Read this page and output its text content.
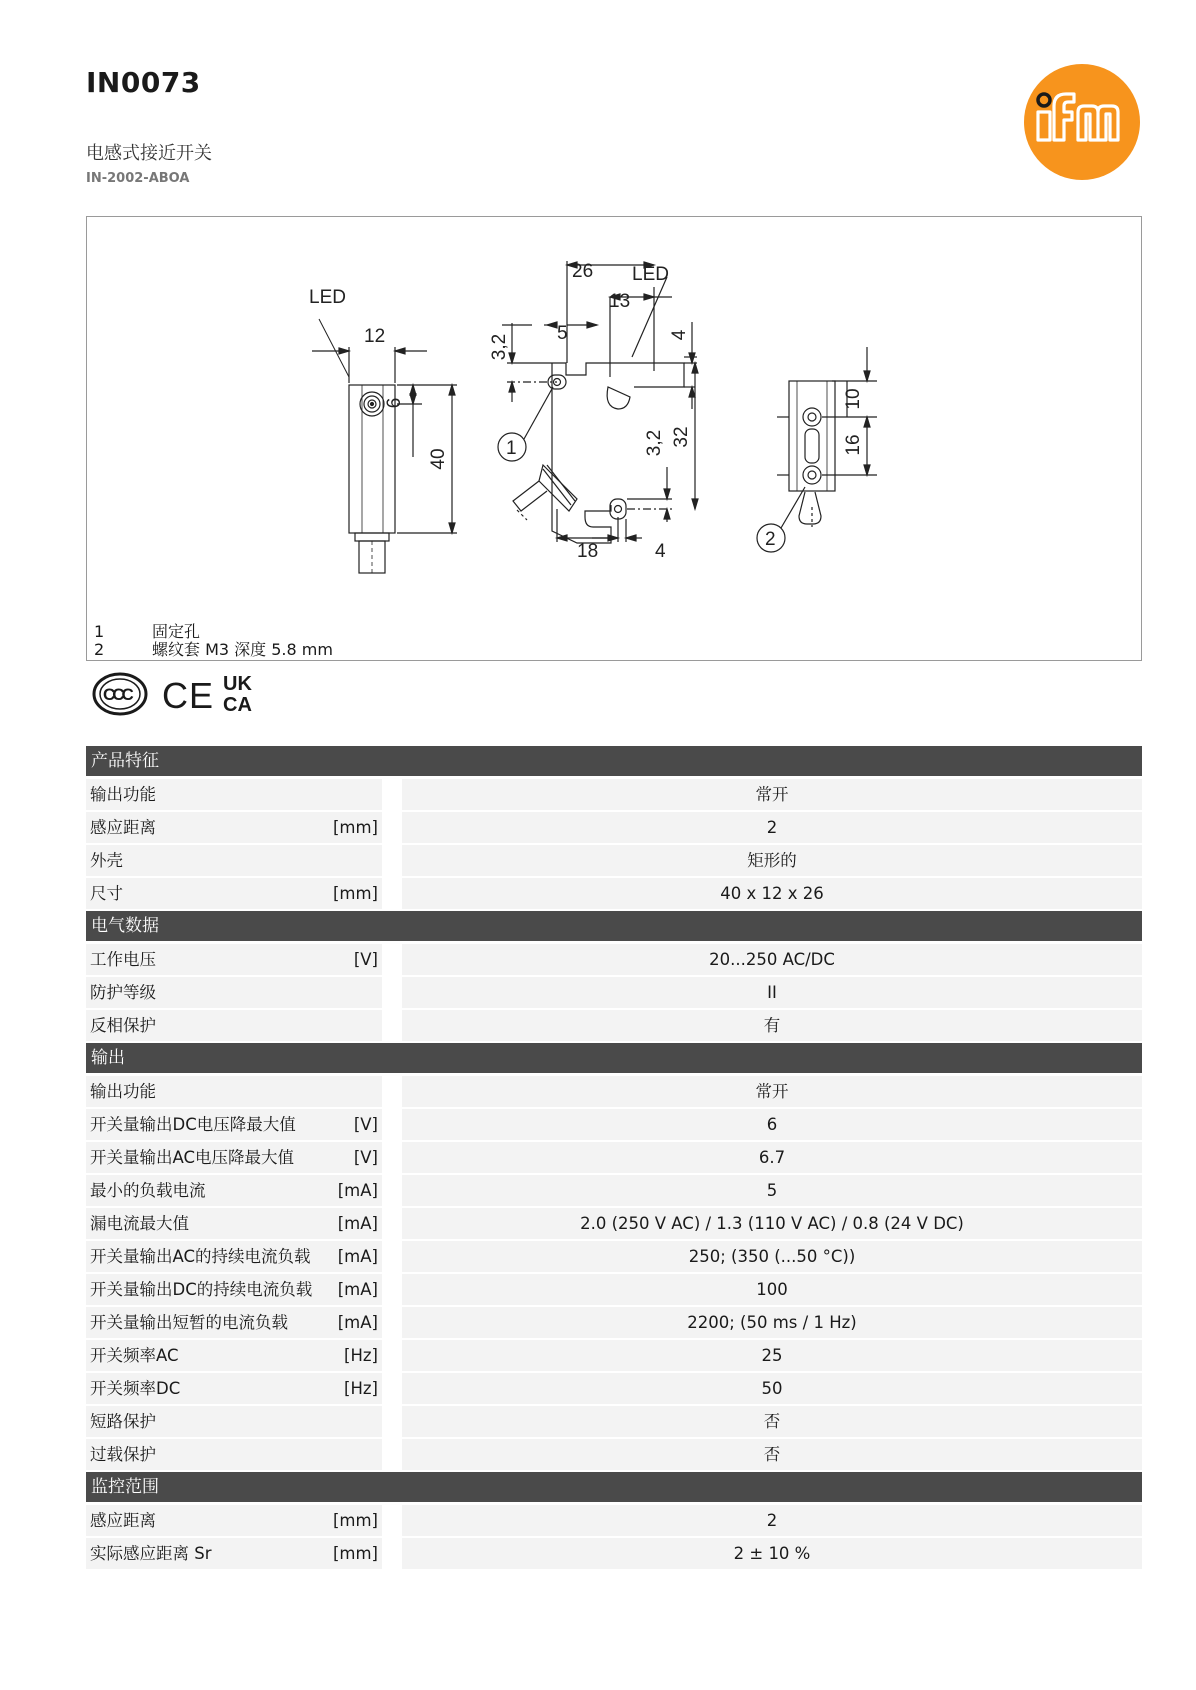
IN0073
电感式接近开关
IN-2002-ABOA
LED
12
6
40
26 LED
13
5
3,2	4
3,2 32
18	4
1
10
16
2
1	固定孔
2	螺纹套 M3 深度 5.8 mm
CCC CE UK
CA
产品特征
输出功能	常开
感应距离	[mm]	2
外壳	矩形的
尺寸	[mm]	40 x 12 x 26
电气数据
工作电压	[V]	20...250 AC/DC
防护等级	II
反相保护	有
输出
输出功能	常开
开关量输出DC电压降最大值	[V]	6
开关量输出AC电压降最大值	[V]	6.7
最小的负载电流	[mA]	5
漏电流最大值	[mA]	2.0 (250 V AC) / 1.3 (110 V AC) / 0.8 (24 V DC)
开关量输出AC的持续电流负载	[mA]	250; (350 (...50 °C))
开关量输出DC的持续电流负载	[mA]	100
开关量输出短暂的电流负载	[mA]	2200; (50 ms / 1 Hz)
开关频率AC	[Hz]	25
开关频率DC	[Hz]	50
短路保护	否
过载保护	否
监控范围
感应距离	[mm]	2
实际感应距离 Sr	[mm]	2 ± 10 %
